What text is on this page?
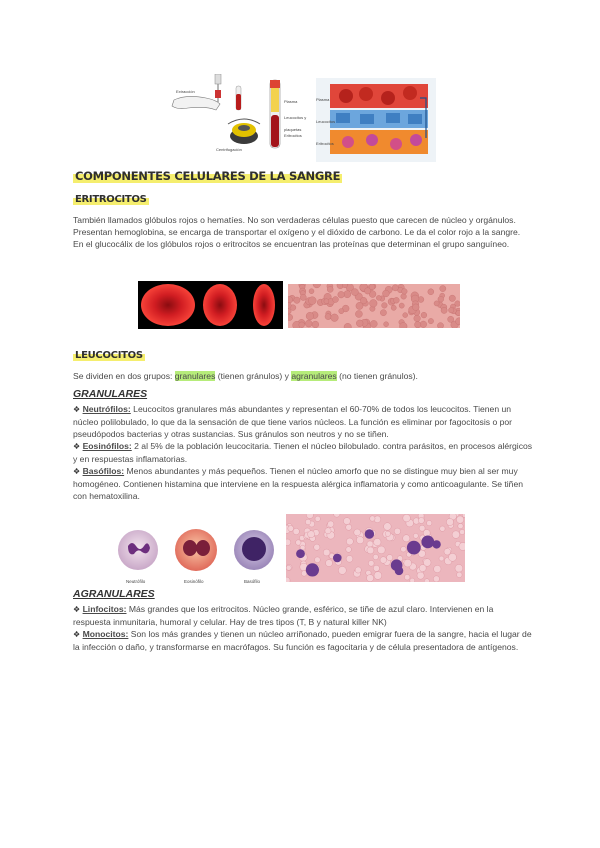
Extracción
Centrifugación
Plasma
Leucocitos y plaquetas
Eritrocitos
Plasma
Leucocitos
Eritrocitos
COMPONENTES CELULARES DE LA SANGRE
ERITROCITOS

También llamados glóbulos rojos o hematíes. No son verdaderas células puesto que carecen de núcleo y orgánulos. Presentan hemoglobina, se encarga de transportar el oxígeno y el dióxido de carbono. Le da el color rojo a la sangre.

En el glucocálix de los glóbulos rojos o eritrocitos se encuentran las proteínas que determinan el grupo sanguíneo.

LEUCOCITOS

Se dividen en dos grupos: granulares (tienen gránulos) y agranulares (no tienen gránulos).

GRANULARES

❖ Neutrófilos: Leucocitos granulares más abundantes y representan el 60-70% de todos los leucocitos. Tienen un núcleo polilobulado, lo que da la sensación de que tiene varios núcleos. La función es eliminar por fagocitosis o por pseudópodos bacterias y otras sustancias. Sus gránulos son neutros y no se tiñen.

❖ Eosinófilos: 2 al 5% de la población leucocitaria. Tienen el núcleo bilobulado. contra parásitos, en procesos alérgicos y en respuestas inflamatorias.

❖ Basófilos: Menos abundantes y más pequeños. Tienen el núcleo amorfo que no se distingue muy bien al ser muy homogéneo. Contienen histamina que interviene en la respuesta alérgica inflamatoria y como anticoagulante. Se tiñen con hematoxilina.

Neutrófilo	Eosinófilo	Basófilo
AGRANULARES

❖ Linfocitos: Más grandes que los eritrocitos. Núcleo grande, esférico, se tiñe de azul claro. Intervienen en la respuesta inmunitaria, humoral y celular. Hay de tres tipos (T, B y natural killer NK)

❖ Monocitos: Son los más grandes y tienen un núcleo arriñonado, pueden emigrar fuera de la sangre, hacia el lugar de la infección o daño, y transformarse en macrófagos. Su función es fagocitaria y de célula presentadora de antígenos.
